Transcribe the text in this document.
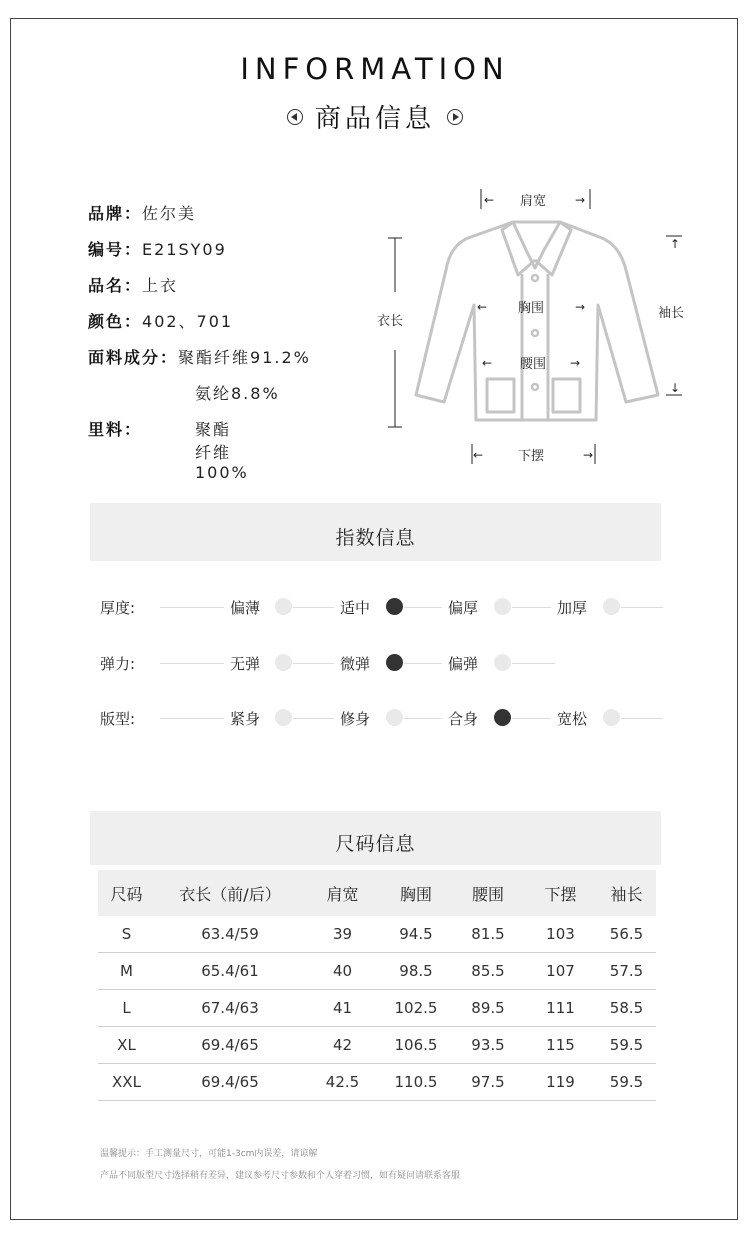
INFORMATION
商品信息
品牌：佐尔美
编号：E21SY09
品名：上衣
颜色：402、701
面料成分：聚酯纤维91.2%
氨纶8.8%
里料：	聚酯纤维100%
←	→
←	→
←	→
←	→
↑
↓
肩宽
衣长
胸围
腰围
下摆
袖长
指数信息
厚度:	偏薄	适中	偏厚	加厚
弹力:	无弹	微弹	偏弹
版型:	紧身	修身	合身	宽松
尺码信息
尺码	衣长（前/后）	肩宽	胸围	腰围	下摆	袖长
S	63.4/59	39	94.5	81.5	103	56.5
M	65.4/61	40	98.5	85.5	107	57.5
L	67.4/63	41	102.5	89.5	111	58.5
XL	69.4/65	42	106.5	93.5	115	59.5
XXL	69.4/65	42.5	110.5	97.5	119	59.5
温馨提示：手工测量尺寸，可能1-3cm内误差，请谅解
产品不同版型尺寸选择稍有差异，建议参考尺寸参数和个人穿着习惯，如有疑问请联系客服
